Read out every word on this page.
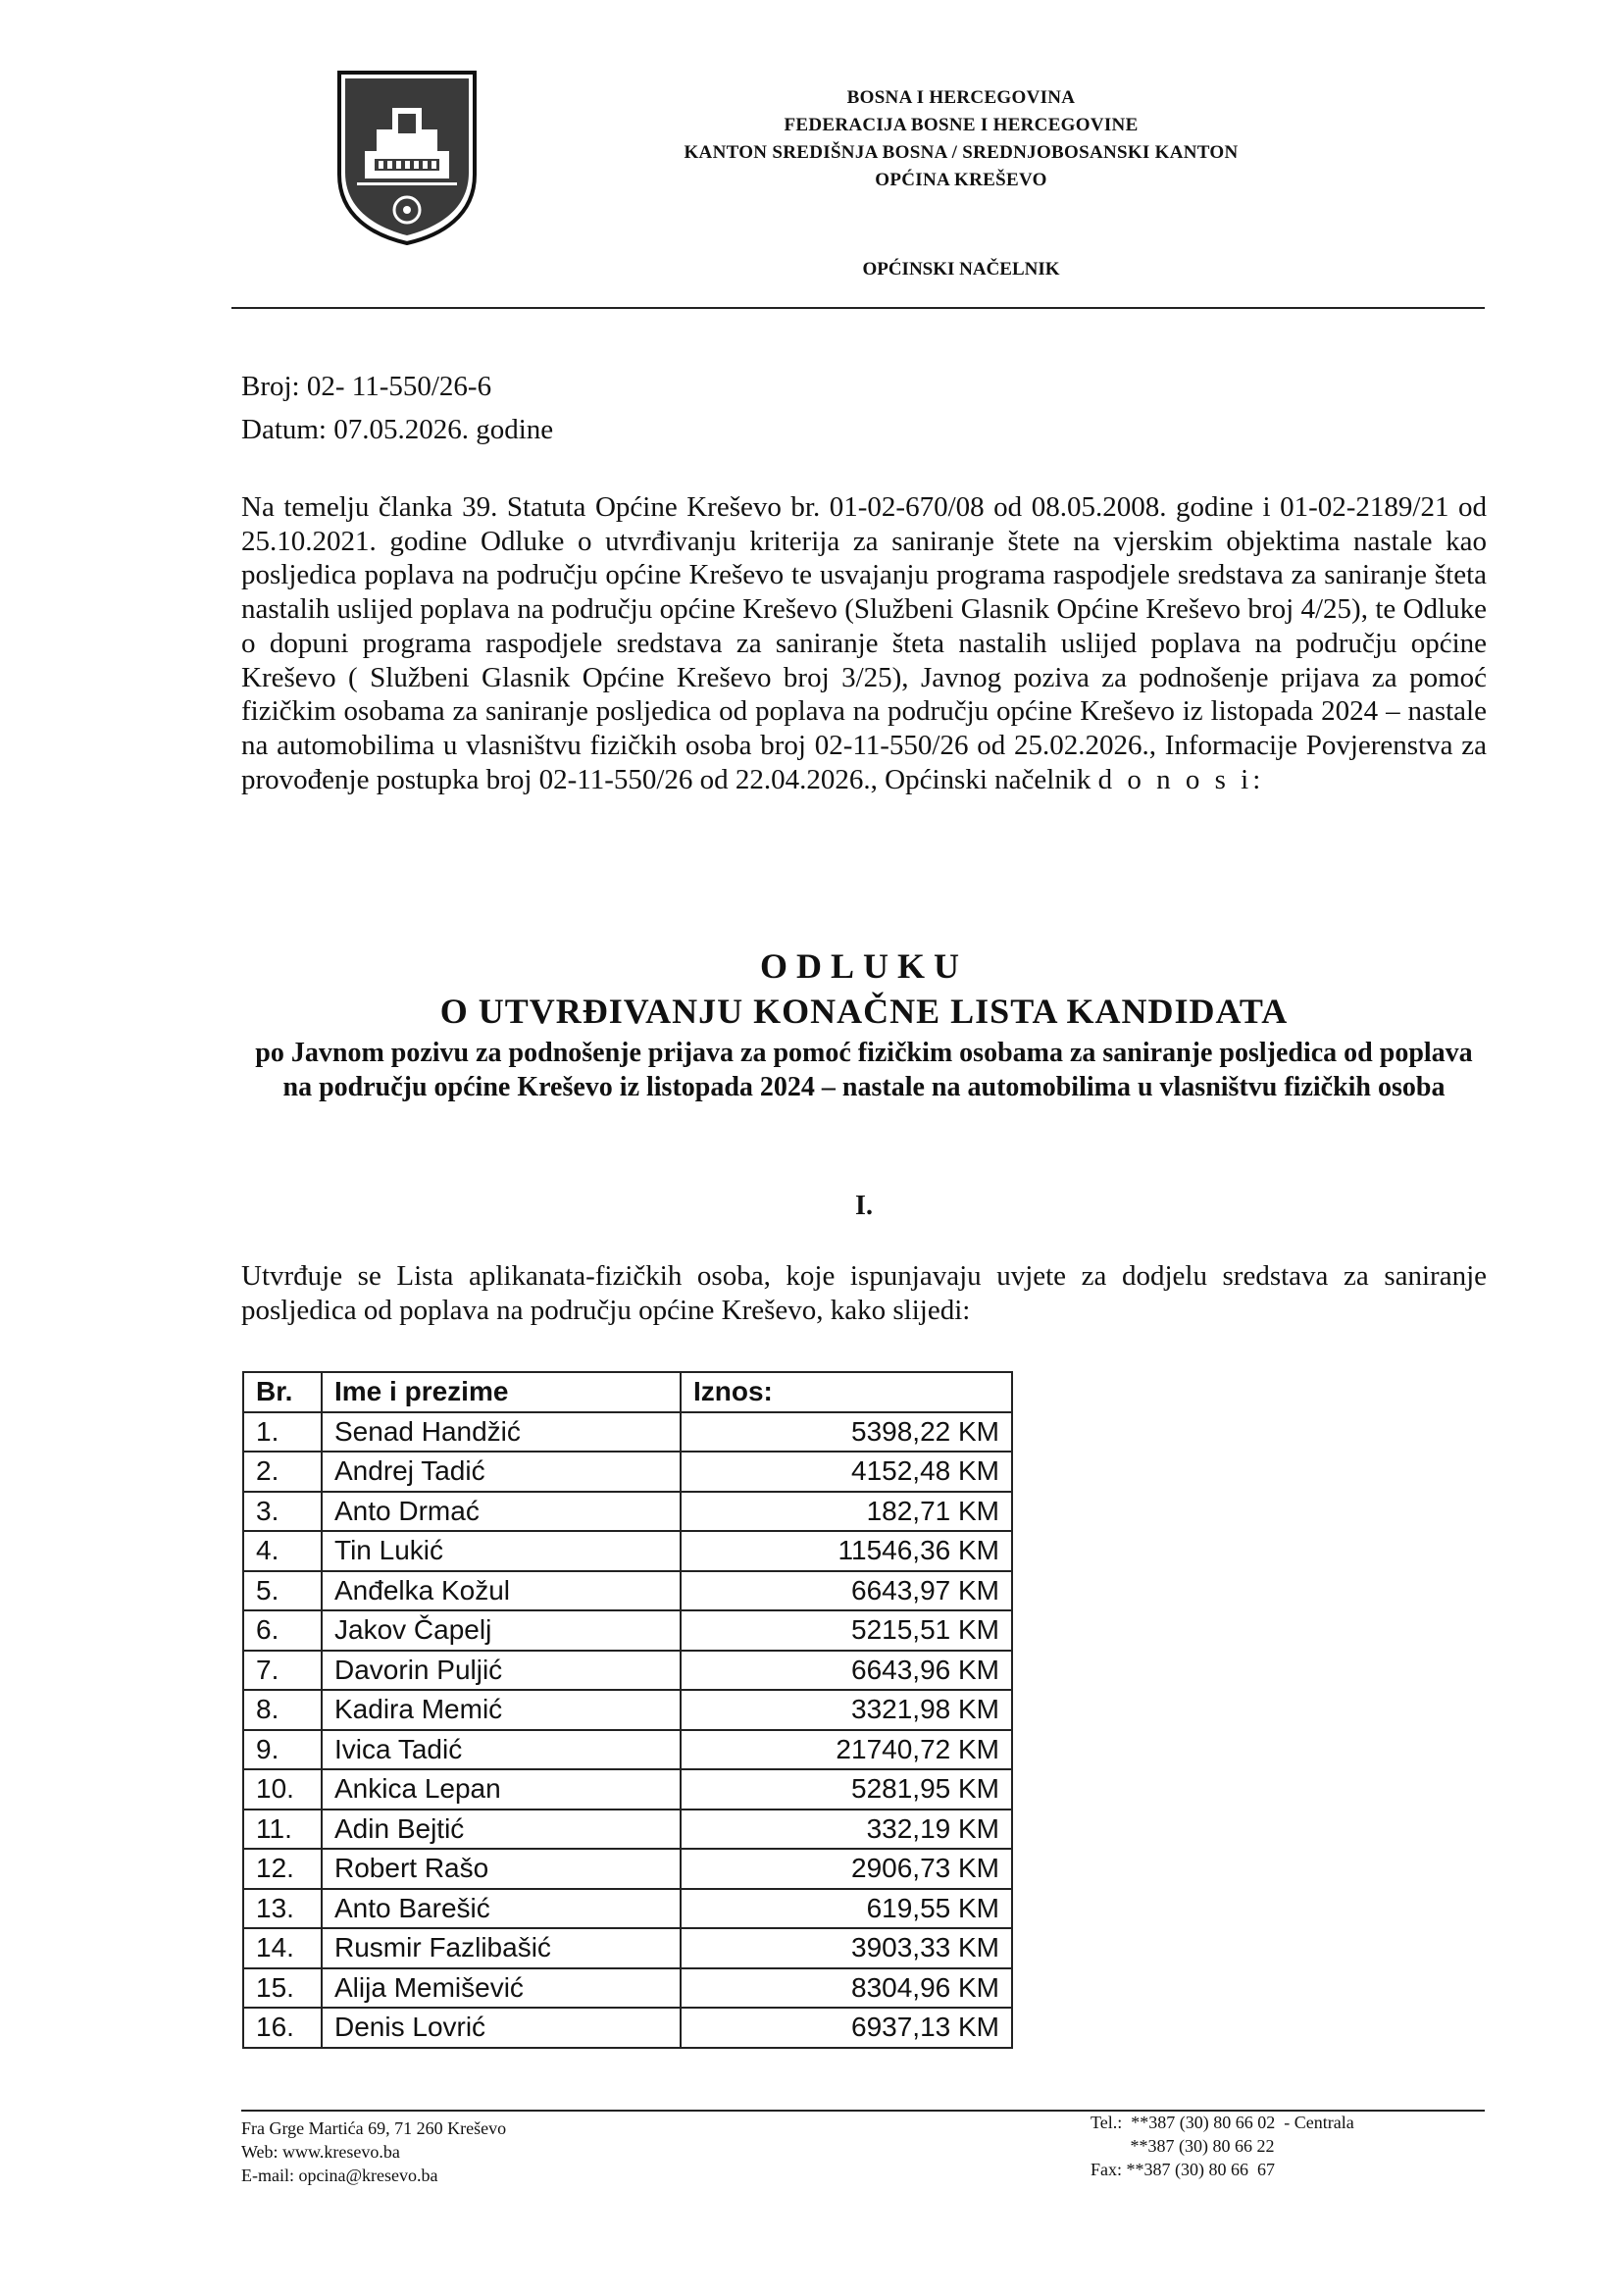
BOSNA I HERCEGOVINA
FEDERACIJA BOSNE I HERCEGOVINE
KANTON SREDIŠNJA BOSNA / SREDNJOBOSANSKI KANTON
OPĆINA KREŠEVO
OPĆINSKI NAČELNIK
Broj: 02- 11-550/26-6
Datum: 07.05.2026. godine
Na temelju članka 39. Statuta Općine Kreševo br. 01-02-670/08 od 08.05.2008. godine i 01-02-2189/21 od 25.10.2021. godine Odluke o utvrđivanju kriterija za saniranje štete na vjerskim objektima nastale kao posljedica poplava na području općine Kreševo te usvajanju programa raspodjele sredstava za saniranje šteta nastalih uslijed poplava na području općine Kreševo (Službeni Glasnik Općine Kreševo broj 4/25), te Odluke o dopuni programa raspodjele sredstava za saniranje šteta nastalih uslijed poplava na području općine Kreševo ( Službeni Glasnik Općine Kreševo broj 3/25), Javnog poziva za podnošenje prijava za pomoć fizičkim osobama za saniranje posljedica od poplava na području općine Kreševo iz listopada 2024 – nastale na automobilima u vlasništvu fizičkih osoba broj 02-11-550/26 od 25.02.2026., Informacije Povjerenstva za provođenje postupka broj 02-11-550/26 od 22.04.2026., Općinski načelnik d o n o s i:
ODLUKU
O UTVRĐIVANJU KONAČNE LISTA KANDIDATA
po Javnom pozivu za podnošenje prijava za pomoć fizičkim osobama za saniranje posljedica od poplava na području općine Kreševo iz listopada 2024 – nastale na automobilima u vlasništvu fizičkih osoba
I.
Utvrđuje se Lista aplikanata-fizičkih osoba, koje ispunjavaju uvjete za dodjelu sredstava za saniranje posljedica od poplava na području općine Kreševo, kako slijedi:
Br.	Ime i prezime	Iznos:
1.	Senad Handžić	5398,22 KM
2.	Andrej Tadić	4152,48 KM
3.	Anto Drmać	182,71 KM
4.	Tin Lukić	11546,36 KM
5.	Anđelka Kožul	6643,97 KM
6.	Jakov Čapelj	5215,51 KM
7.	Davorin Puljić	6643,96 KM
8.	Kadira Memić	3321,98 KM
9.	Ivica Tadić	21740,72 KM
10.	Ankica Lepan	5281,95 KM
11.	Adin Bejtić	332,19 KM
12.	Robert Rašo	2906,73 KM
13.	Anto Barešić	619,55 KM
14.	Rusmir Fazlibašić	3903,33 KM
15.	Alija Memišević	8304,96 KM
16.	Denis Lovrić	6937,13 KM
Fra Grge Martića 69, 71 260 Kreševo
Web: www.kresevo.ba
E-mail: opcina@kresevo.ba
Tel.:  **387 (30) 80 66 02  - Centrala
**387 (30) 80 66 22
Fax: **387 (30) 80 66  67
